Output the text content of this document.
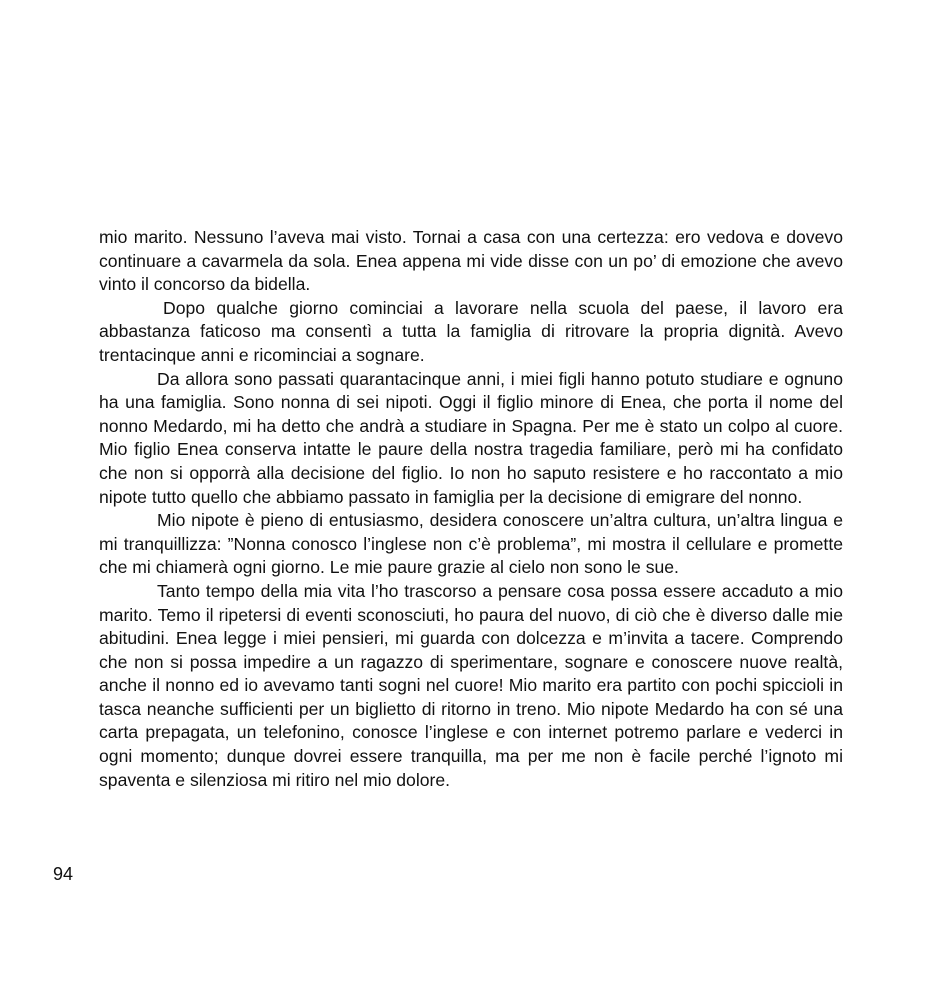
mio marito. Nessuno l’aveva mai visto. Tornai a casa con una certezza: ero vedova e dovevo continuare a cavarmela da sola. Enea appena mi vide disse con un po’ di emozione che avevo vinto il concorso da bidella.

Dopo qualche giorno cominciai a lavorare nella scuola del paese, il lavoro era abbastanza faticoso ma consentì a tutta la famiglia di ritrovare la propria dignità. Avevo trentacinque anni e ricominciai a sognare.

Da allora sono passati quarantacinque anni, i miei figli hanno potuto studiare e ognuno ha una famiglia. Sono nonna di sei nipoti. Oggi il figlio minore di Enea, che porta il nome del nonno Medardo, mi ha detto che andrà a studiare in Spagna. Per me è stato un colpo al cuore. Mio figlio Enea conserva intatte le paure della nostra tragedia familiare, però mi ha confidato che non si opporrà alla decisione del figlio. Io non ho saputo resistere e ho raccontato a mio nipote tutto quello che abbiamo passato in famiglia per la decisione di emigrare del nonno.

Mio nipote è pieno di entusiasmo, desidera conoscere un’altra cultura, un’altra lingua e mi tranquillizza: ”Nonna conosco l’inglese non c’è problema”, mi mostra il cellulare e promette che mi chiamerà ogni giorno. Le mie paure grazie al cielo non sono le sue.

Tanto tempo della mia vita l’ho trascorso a pensare cosa possa essere accaduto a mio marito. Temo il ripetersi di eventi sconosciuti, ho paura del nuovo, di ciò che è diverso dalle mie abitudini. Enea legge i miei pensieri, mi guarda con dolcezza e m’invita a tacere. Comprendo che non si possa impedire a un ragazzo di sperimentare, sognare e conoscere nuove realtà, anche il nonno ed io avevamo tanti sogni nel cuore! Mio marito era partito con pochi spiccioli in tasca neanche sufficienti per un biglietto di ritorno in treno. Mio nipote Medardo ha con sé una carta prepagata, un telefonino, conosce l’inglese e con internet potremo parlare e vederci in ogni momento; dunque dovrei essere tranquilla, ma per me non è facile perché l’ignoto mi spaventa e silenziosa mi ritiro nel mio dolore.

94
